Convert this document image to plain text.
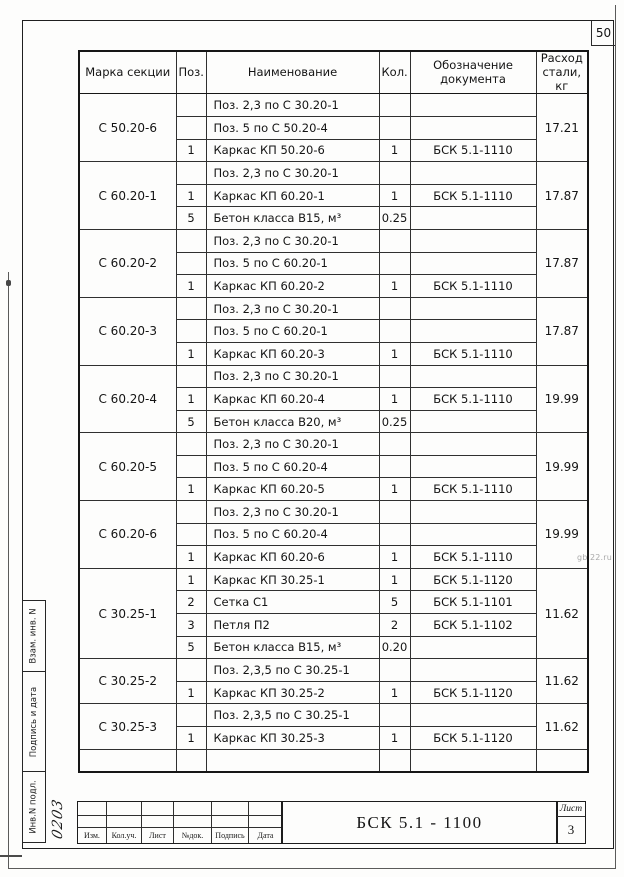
50
gbi22.ru
Марка секции	Поз.	Наименование	Кол.	Обозначение документа	Расход стали, кг
С 50.20-6		Поз. 2,3 по С 30.20-1			17.21
		Поз. 5 по С 50.20-4			
	1	Каркас КП 50.20-6	1	БСК 5.1-1110	
С 60.20-1		Поз. 2,3 по С 30.20-1			17.87
	1	Каркас КП 60.20-1	1	БСК 5.1-1110	
	5	Бетон класса В15, м³	0.25		
С 60.20-2		Поз. 2,3 по С 30.20-1			17.87
		Поз. 5 по С 60.20-1			
	1	Каркас КП 60.20-2	1	БСК 5.1-1110	
С 60.20-3		Поз. 2,3 по С 30.20-1			17.87
		Поз. 5 по С 60.20-1			
	1	Каркас КП 60.20-3	1	БСК 5.1-1110	
С 60.20-4		Поз. 2,3 по С 30.20-1			19.99
	1	Каркас КП 60.20-4	1	БСК 5.1-1110	
	5	Бетон класса В20, м³	0.25		
С 60.20-5		Поз. 2,3 по С 30.20-1			19.99
		Поз. 5 по С 60.20-4			
	1	Каркас КП 60.20-5	1	БСК 5.1-1110	
С 60.20-6		Поз. 2,3 по С 30.20-1			19.99
		Поз. 5 по С 60.20-4			
	1	Каркас КП 60.20-6	1	БСК 5.1-1110	
С 30.25-1	1	Каркас КП 30.25-1	1	БСК 5.1-1120	11.62
	2	Сетка С1	5	БСК 5.1-1101	
	3	Петля П2	2	БСК 5.1-1102	
	5	Бетон класса В15, м³	0.20		
С 30.25-2		Поз. 2,3,5 по С 30.25-1			11.62
	1	Каркас КП 30.25-2	1	БСК 5.1-1120	
С 30.25-3		Поз. 2,3,5 по С 30.25-1			11.62
	1	Каркас КП 30.25-3	1	БСК 5.1-1120	

Взам. инв. N
Подпись и дата
Инв.N подл. 0203	Изм.	Кол.уч.	Лист	№док.	Подпись	Дата
БСК 5.1 - 1100
Лист
3
